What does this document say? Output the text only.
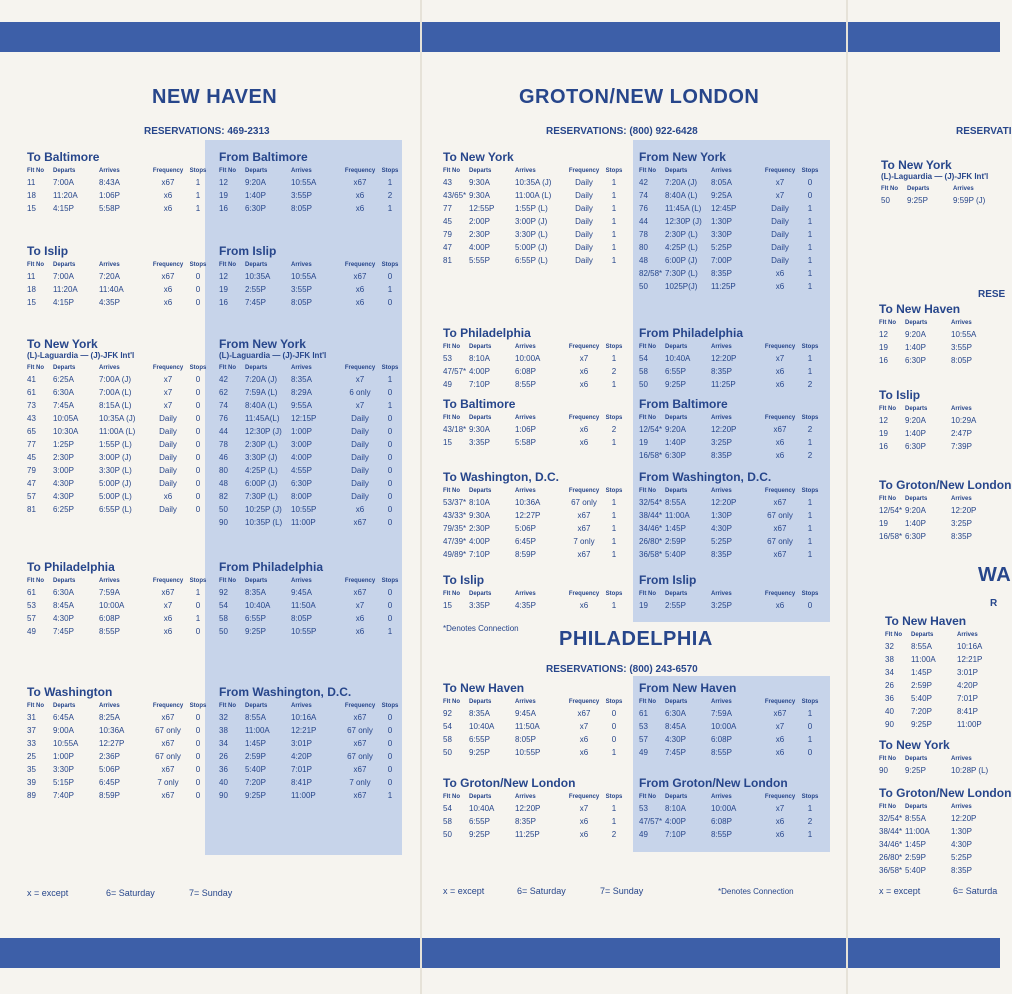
NEW HAVEN
RESERVATIONS: 469-2313
GROTON/NEW LONDON
RESERVATIONS: (800) 922-6428
PHILADELPHIA
RESERVATIONS: (800) 243-6570
*Denotes Connection
RESERVATI
RESE
WA
R
To Baltimore
Flt No	Departs	Arrives	Frequency	Stops
11	7:00A	8:43A	x67	1
18	11:20A	1:06P	x6	1
15	4:15P	5:58P	x6	1
From Baltimore
Flt No	Departs	Arrives	Frequency	Stops
12	9:20A	10:55A	x67	1
19	1:40P	3:55P	x6	2
16	6:30P	8:05P	x6	1
To Islip
Flt No	Departs	Arrives	Frequency	Stops
11	7:00A	7:20A	x67	0
18	11:20A	11:40A	x6	0
15	4:15P	4:35P	x6	0
From Islip
Flt No	Departs	Arrives	Frequency	Stops
12	10:35A	10:55A	x67	0
19	2:55P	3:55P	x6	1
16	7:45P	8:05P	x6	0
To New York
(L)-Laguardia — (J)-JFK Int'l
Flt No	Departs	Arrives	Frequency	Stops
41	6:25A	7:00A (J)	x7	0
61	6:30A	7:00A (L)	x7	0
73	7:45A	8:15A (L)	x7	0
43	10:05A	10:35A (J)	Daily	0
65	10:30A	11:00A (L)	Daily	0
77	1:25P	1:55P (L)	Daily	0
45	2:30P	3:00P (J)	Daily	0
79	3:00P	3:30P (L)	Daily	0
47	4:30P	5:00P (J)	Daily	0
57	4:30P	5:00P (L)	x6	0
81	6:25P	6:55P (L)	Daily	0
From New York
(L)-Laguardia — (J)-JFK Int'l
Flt No	Departs	Arrives	Frequency	Stops
42	7:20A (J)	8:35A	x7	1
62	7:59A (L)	8:29A	6 only	0
74	8:40A (L)	9:55A	x7	1
76	11:45A(L)	12:15P	Daily	0
44	12:30P (J)	1:00P	Daily	0
78	2:30P (L)	3:00P	Daily	0
46	3:30P (J)	4:00P	Daily	0
80	4:25P (L)	4:55P	Daily	0
48	6:00P (J)	6:30P	Daily	0
82	7:30P (L)	8:00P	Daily	0
50	10:25P (J)	10:55P	x6	0
90	10:35P (L)	11:00P	x67	0
To Philadelphia
Flt No	Departs	Arrives	Frequency	Stops
61	6:30A	7:59A	x67	1
53	8:45A	10:00A	x7	0
57	4:30P	6:08P	x6	1
49	7:45P	8:55P	x6	0
From Philadelphia
Flt No	Departs	Arrives	Frequency	Stops
92	8:35A	9:45A	x67	0
54	10:40A	11:50A	x7	0
58	6:55P	8:05P	x6	0
50	9:25P	10:55P	x6	1
To Washington
Flt No	Departs	Arrives	Frequency	Stops
31	6:45A	8:25A	x67	0
37	9:00A	10:36A	67 only	0
33	10:55A	12:27P	x67	0
25	1:00P	2:36P	67 only	0
35	3:30P	5:06P	x67	0
39	5:15P	6:45P	7 only	0
89	7:40P	8:59P	x67	0
From Washington, D.C.
Flt No	Departs	Arrives	Frequency	Stops
32	8:55A	10:16A	x67	0
38	11:00A	12:21P	67 only	0
34	1:45P	3:01P	x67	0
26	2:59P	4:20P	67 only	0
36	5:40P	7:01P	x67	0
40	7:20P	8:41P	7 only	0
90	9:25P	11:00P	x67	1
To New York
Flt No	Departs	Arrives	Frequency	Stops
43	9:30A	10:35A (J)	Daily	1
43/65* 9:30A	11:00A (L)	Daily	1
77	12:55P	1:55P (L)	Daily	1
45	2:00P	3:00P (J)	Daily	1
79	2:30P	3:30P (L)	Daily	1
47	4:00P	5:00P (J)	Daily	1
81	5:55P	6:55P (L)	Daily	1
From New York
Flt No	Departs	Arrives	Frequency	Stops
42	7:20A (J)	8:05A	x7	0
74	8:40A (L)	9:25A	x7	0
76	11:45A (L)	12:45P	Daily	1
44	12:30P (J)	1:30P	Daily	1
78	2:30P (L)	3:30P	Daily	1
80	4:25P (L)	5:25P	Daily	1
48	6:00P (J)	7:00P	Daily	1
82/58* 7:30P (L)	8:35P	x6	1
50	1025P(J)	11:25P	x6	1
To Philadelphia
Flt No	Departs	Arrives	Frequency	Stops
53	8:10A	10:00A	x7	1
47/57* 4:00P	6:08P	x6	2
49	7:10P	8:55P	x6	1
From Philadelphia
Flt No	Departs	Arrives	Frequency	Stops
54	10:40A	12:20P	x7	1
58	6:55P	8:35P	x6	1
50	9:25P	11:25P	x6	2
To Baltimore
Flt No	Departs	Arrives	Frequency	Stops
43/18* 9:30A	1:06P	x6	2
15	3:35P	5:58P	x6	1
From Baltimore
Flt No	Departs	Arrives	Frequency	Stops
12/54* 9:20A	12:20P	x67	2
19	1:40P	3:25P	x6	1
16/58* 6:30P	8:35P	x6	2
To Washington, D.C.
Flt No	Departs	Arrives	Frequency	Stops
53/37* 8:10A	10:36A	67 only	1
43/33* 9:30A	12:27P	x67	1
79/35* 2:30P	5:06P	x67	1
47/39* 4:00P	6:45P	7 only	1
49/89* 7:10P	8:59P	x67	1
From Washington, D.C.
Flt No	Departs	Arrives	Frequency	Stops
32/54* 8:55A	12:20P	x67	1
38/44* 11:00A	1:30P	67 only	1
34/46* 1:45P	4:30P	x67	1
26/80* 2:59P	5:25P	67 only	1
36/58* 5:40P	8:35P	x67	1
To Islip
Flt No	Departs	Arrives	Frequency	Stops
15	3:35P	4:35P	x6	1
From Islip
Flt No	Departs	Arrives	Frequency	Stops
19	2:55P	3:25P	x6	0
To New Haven
Flt No	Departs	Arrives	Frequency	Stops
92	8:35A	9:45A	x67	0
54	10:40A	11:50A	x7	0
58	6:55P	8:05P	x6	0
50	9:25P	10:55P	x6	1
From New Haven
Flt No	Departs	Arrives	Frequency	Stops
61	6:30A	7:59A	x67	1
53	8:45A	10:00A	x7	0
57	4:30P	6:08P	x6	1
49	7:45P	8:55P	x6	0
To Groton/New London
Flt No	Departs	Arrives	Frequency	Stops
54	10:40A	12:20P	x7	1
58	6:55P	8:35P	x6	1
50	9:25P	11:25P	x6	2
From Groton/New London
Flt No	Departs	Arrives	Frequency	Stops
53	8:10A	10:00A	x7	1
47/57* 4:00P	6:08P	x6	2
49	7:10P	8:55P	x6	1
To New York
(L)-Laguardia — (J)-JFK Int'l
Flt No	Departs	Arrives
50	9:25P	9:59P (J)
To New Haven
Flt No	Departs	Arrives
12	9:20A	10:55A
19	1:40P	3:55P
16	6:30P	8:05P
To Islip
Flt No	Departs	Arrives
12	9:20A	10:29A
19	1:40P	2:47P
16	6:30P	7:39P
To Groton/New London
Flt No	Departs	Arrives
12/54* 9:20A	12:20P
19	1:40P	3:25P
16/58* 6:30P	8:35P
To New Haven
Flt No	Departs	Arrives
32	8:55A	10:16A
38	11:00A	12:21P
34	1:45P	3:01P
26	2:59P	4:20P
36	5:40P	7:01P
40	7:20P	8:41P
90	9:25P	11:00P
To New York
Flt No	Departs	Arrives
90	9:25P	10:28P (L)
To Groton/New London
Flt No	Departs	Arrives
32/54* 8:55A	12:20P
38/44* 11:00A	1:30P
34/46* 1:45P	4:30P
26/80* 2:59P	5:25P
36/58* 5:40P	8:35P
x = except	6= Saturday	7= Sunday	x = except	6= Saturday	7= Sunday	*Denotes Connection	x = except	6= Saturda
